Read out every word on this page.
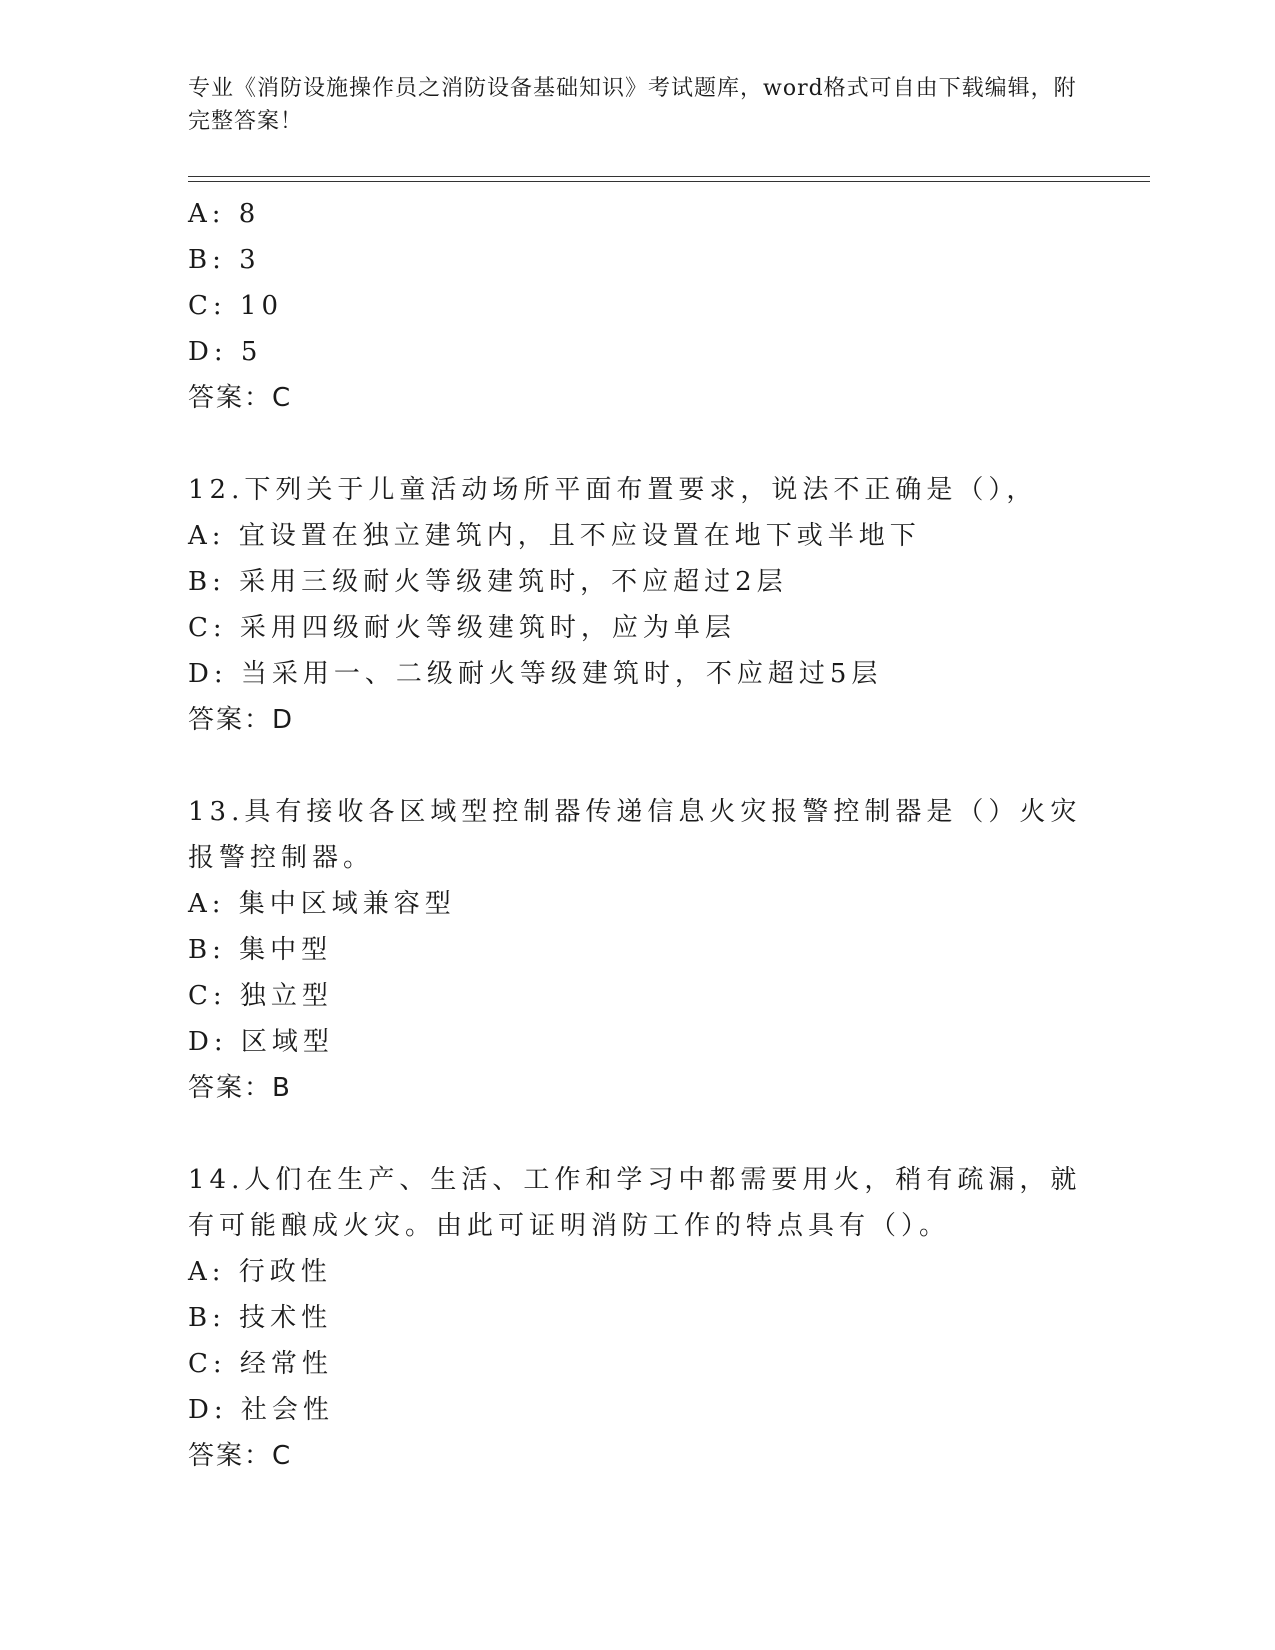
专业《消防设施操作员之消防设备基础知识》考试题库，word格式可自由下载编辑，附完整答案！
A: 8
B: 3
C: 10
D: 5
答案：C
12.下列关于儿童活动场所平面布置要求，说法不正确是（），
A: 宜设置在独立建筑内，且不应设置在地下或半地下
B: 采用三级耐火等级建筑时，不应超过2层
C: 采用四级耐火等级建筑时，应为单层
D: 当采用一、二级耐火等级建筑时，不应超过5层
答案：D
13.具有接收各区域型控制器传递信息火灾报警控制器是（）火灾报警控制器。
A: 集中区域兼容型
B: 集中型
C: 独立型
D: 区域型
答案：B
14.人们在生产、生活、工作和学习中都需要用火，稍有疏漏，就有可能酿成火灾。由此可证明消防工作的特点具有（）。
A: 行政性
B: 技术性
C: 经常性
D: 社会性
答案：C
